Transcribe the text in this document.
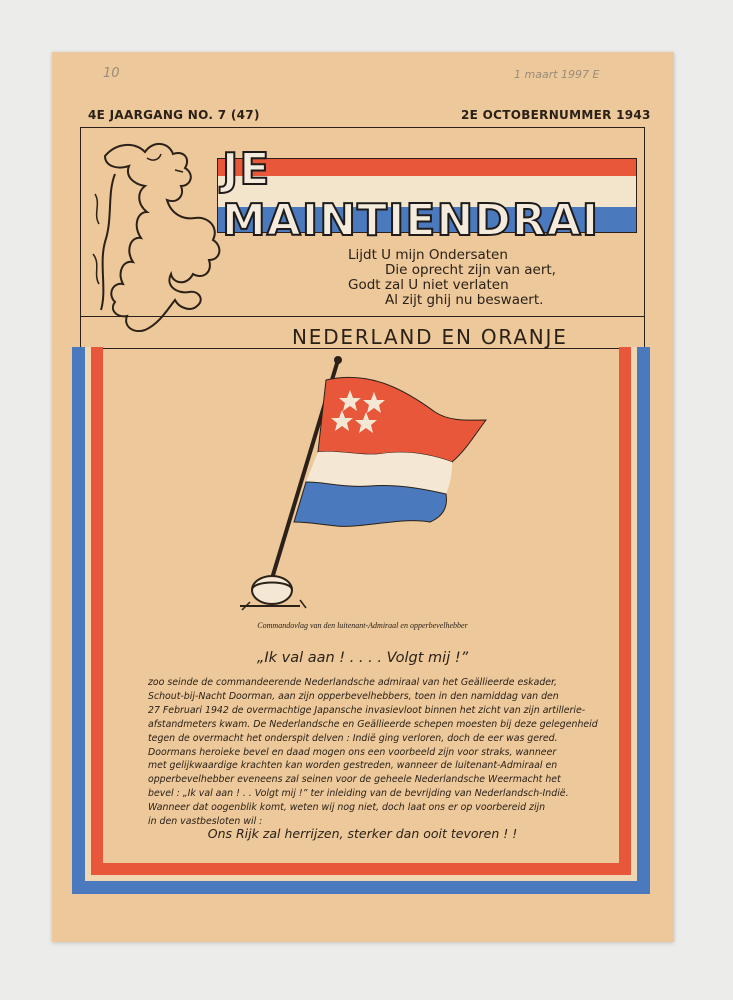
10	1 maart 1997 E
4E JAARGANG NO. 7 (47)	2E OCTOBERNUMMER 1943
JE MAINTIENDRAI
Lijdt U mijn Ondersaten
Die oprecht zijn van aert,
Godt zal U niet verlaten
Al zijt ghij nu beswaert.
NEDERLAND EN ORANJE
Commandovlag van den luitenant-Admiraal en opperbevelhebber
„Ik val aan ! . . . . Volgt mij !”
zoo seinde de commandeerende Nederlandsche admiraal van het Geällieerde eskader,
Schout-bij-Nacht Doorman, aan zijn opperbevelhebbers, toen in den namiddag van den
27 Februari 1942 de overmachtige Japansche invasievloot binnen het zicht van zijn artillerie-
afstandmeters kwam. De Nederlandsche en Geällieerde schepen moesten bij deze gelegenheid
tegen de overmacht het onderspit delven : Indië ging verloren, doch de eer was gered.
Doormans heroieke bevel en daad mogen ons een voorbeeld zijn voor straks, wanneer
met gelijkwaardige krachten kan worden gestreden, wanneer de luitenant-Admiraal en
opperbevelhebber eveneens zal seinen voor de geheele Nederlandsche Weermacht het
bevel : „Ik val aan ! . . Volgt mij !” ter inleiding van de bevrijding van Nederlandsch-Indië.
Wanneer dat oogenblik komt, weten wij nog niet, doch laat ons er op voorbereid zijn
in den vastbesloten wil :
Ons Rijk zal herrijzen, sterker dan ooit tevoren ! !
